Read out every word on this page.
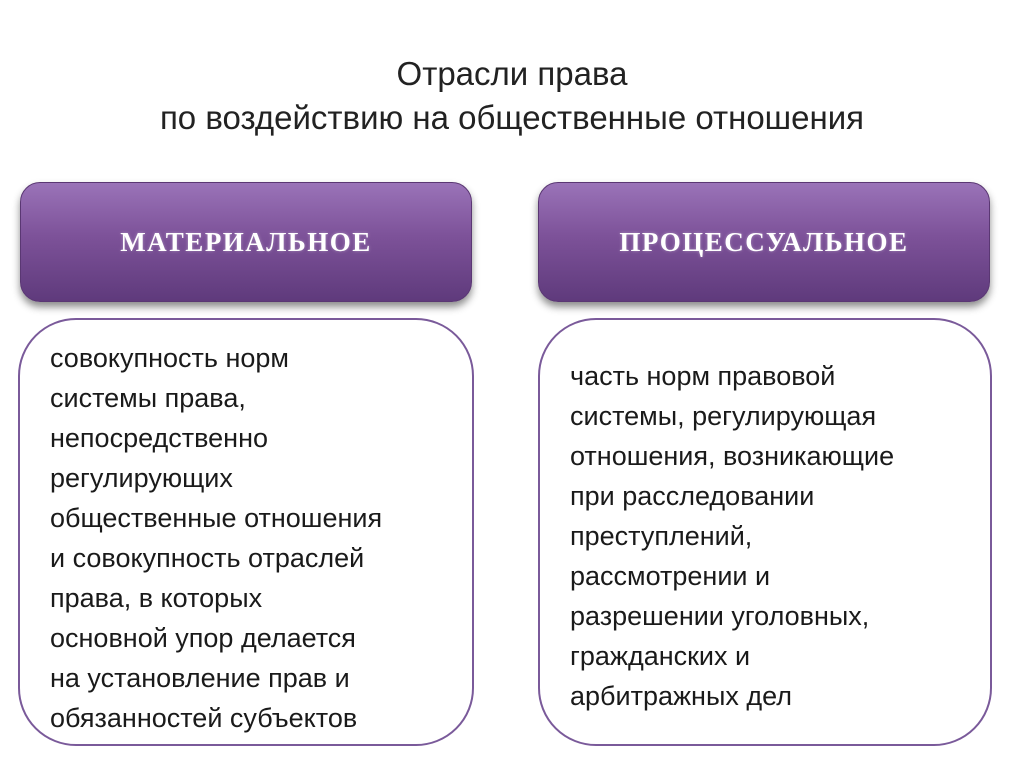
Отрасли права
по воздействию на общественные отношения
МАТЕРИАЛЬНОЕ	ПРОЦЕССУАЛЬНОЕ
совокупность норм
системы права,
непосредственно
регулирующих
общественные отношения
и совокупность отраслей
права, в которых
основной упор делается
на установление прав и
обязанностей субъектов
часть норм правовой
системы, регулирующая
отношения, возникающие
при расследовании
преступлений,
рассмотрении и
разрешении уголовных,
гражданских и
арбитражных дел
